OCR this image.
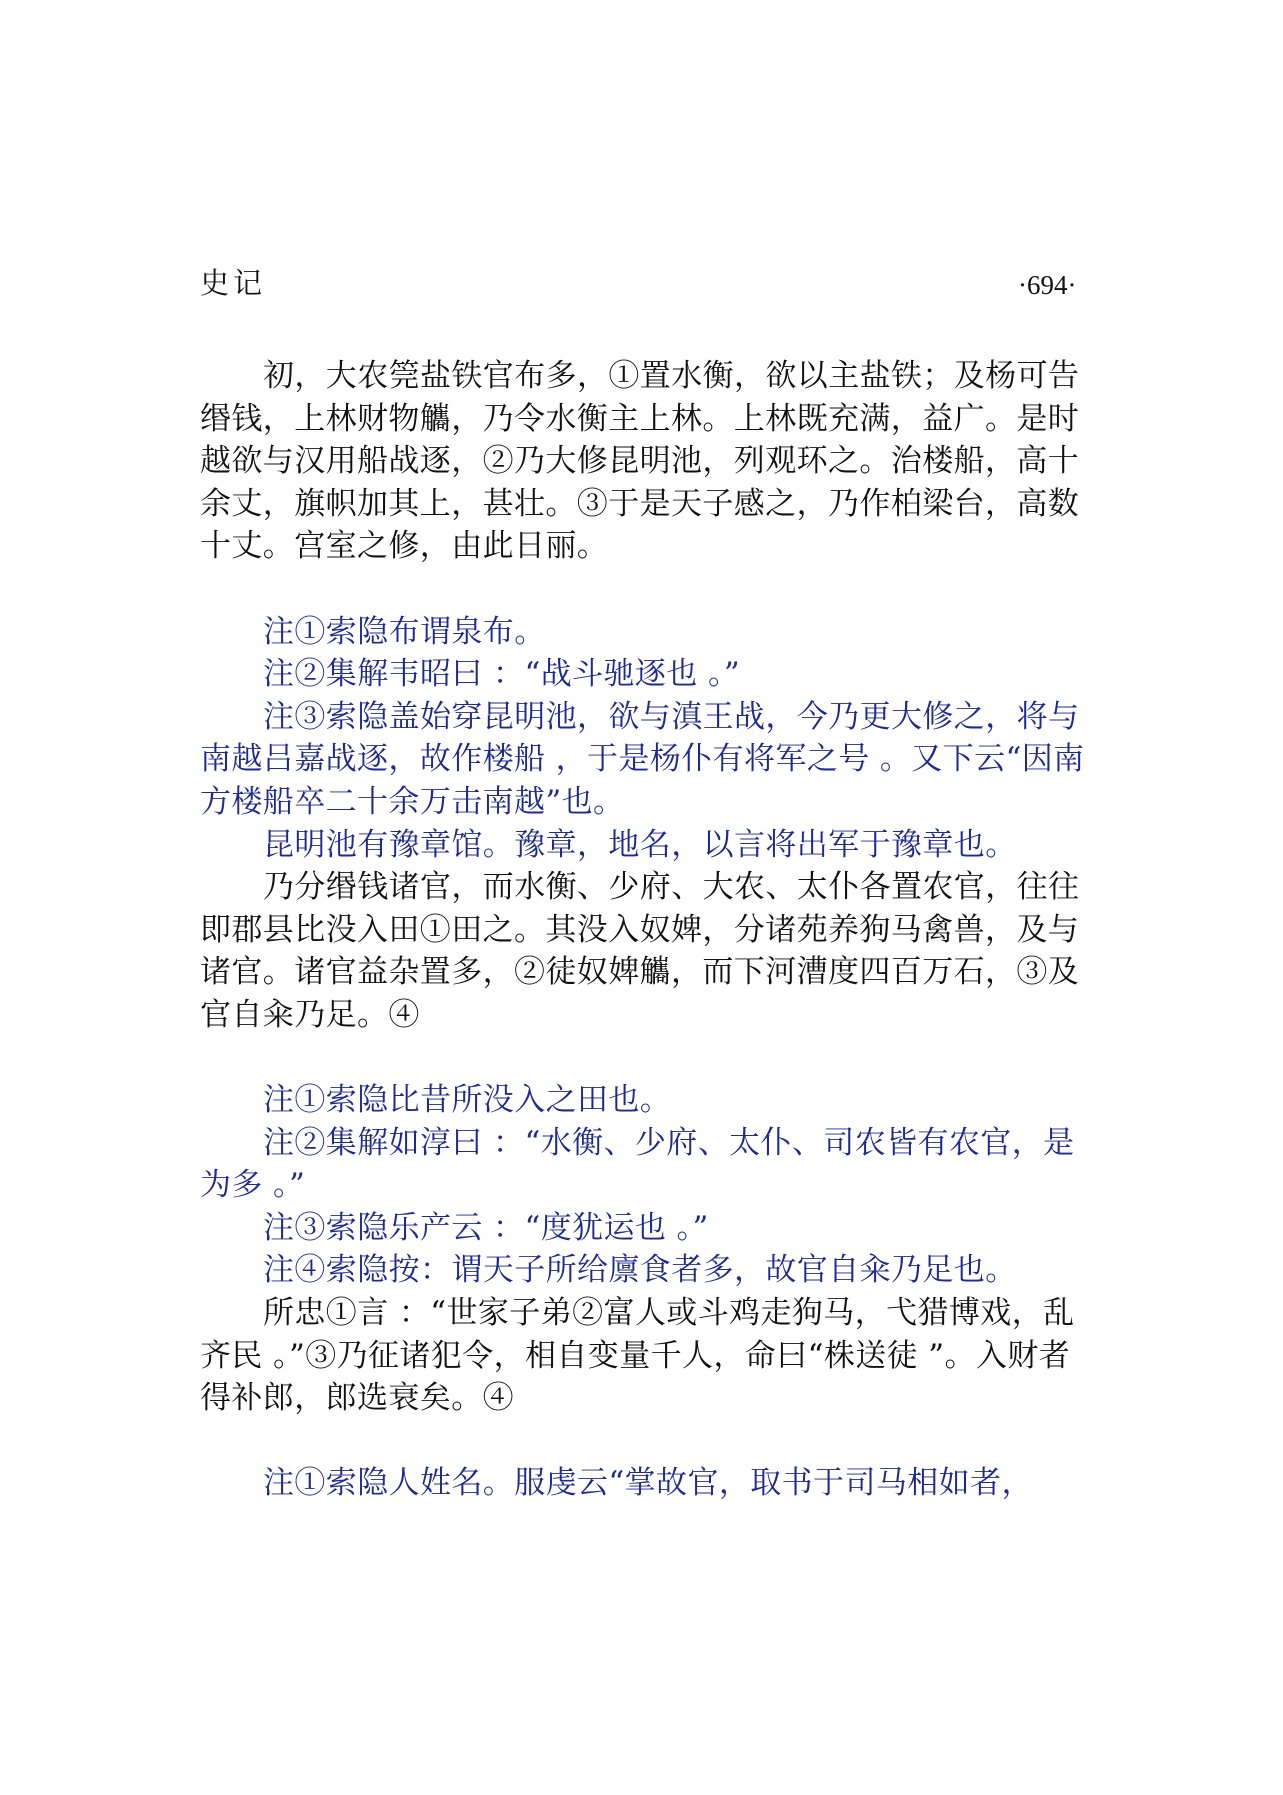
史记	·694·

初，大农筦盐铁官布多，①置水衡，欲以主盐铁；及杨可告缗钱，上林财物觿，乃令水衡主上林。上林既充满，益广。是时越欲与汉用船战逐，②乃大修昆明池，列观环之。治楼船，高十余丈，旗帜加其上，甚壮。③于是天子感之，乃作柏梁台，高数十丈。宫室之修，由此日丽。

注①索隐布谓泉布。

注②集解韦昭曰 ：“战斗驰逐也 。”

注③索隐盖始穿昆明池，欲与滇王战，今乃更大修之，将与南越吕嘉战逐，故作楼船 ，于是杨仆有将军之号 。又下云“因南方楼船卒二十余万击南越”也。

昆明池有豫章馆。豫章，地名，以言将出军于豫章也。

乃分缗钱诸官，而水衡、少府、大农、太仆各置农官，往往即郡县比没入田①田之。其没入奴婢，分诸苑养狗马禽兽，及与诸官。诸官益杂置多，②徒奴婢觿，而下河漕度四百万石，③及官自籴乃足。④

注①索隐比昔所没入之田也。

注②集解如淳曰 ：“水衡、少府、太仆、司农皆有农官，是为多 。”

注③索隐乐产云 ：“度犹运也 。”

注④索隐按：谓天子所给廪食者多，故官自籴乃足也。

所忠①言 ：“世家子弟②富人或斗鸡走狗马，弋猎博戏，乱齐民 。”③乃征诸犯令，相自变量千人，命曰“株送徒 ”。入财者得补郎，郎选衰矣。④

注①索隐人姓名。服虔云“掌故官，取书于司马相如者，
